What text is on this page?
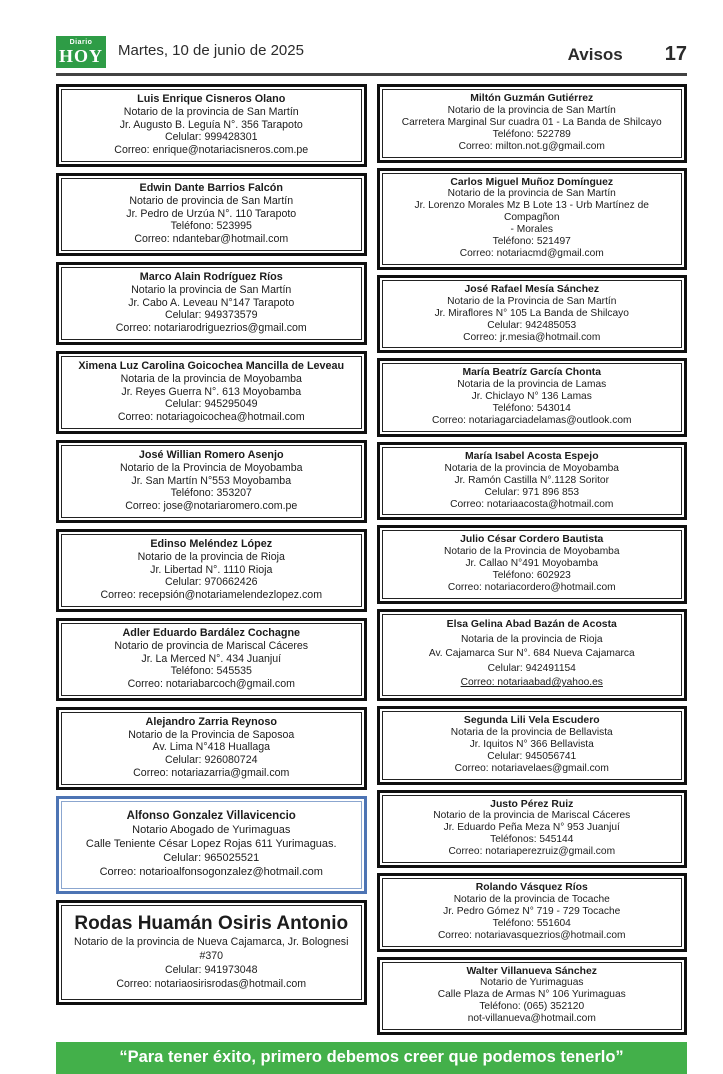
Diario
HOY Martes, 10 de junio de 2025	Avisos 17
Luis Enrique Cisneros Olano
Notario de la provincia de San Martín
Jr. Augusto B. Leguía N°. 356 Tarapoto
Celular: 999428301
Correo: enrique@notariacisneros.com.pe
Edwin Dante Barrios Falcón
Notario de provincia de San Martín
Jr. Pedro de Urzúa N°. 110 Tarapoto
Teléfono: 523995
Correo: ndantebar@hotmail.com
Marco Alain Rodríguez Ríos
Notario la provincia de San Martín
Jr. Cabo A. Leveau N°147 Tarapoto
Celular: 949373579
Correo: notariarodriguezrios@gmail.com
Ximena Luz Carolina Goicochea Mancilla de Leveau
Notaria de la provincia de Moyobamba
Jr. Reyes Guerra N°. 613 Moyobamba
Celular: 945295049
Correo: notariagoicochea@hotmail.com
José Willian Romero Asenjo
Notario de la Provincia de Moyobamba
Jr. San Martín N°553 Moyobamba
Teléfono: 353207
Correo: jose@notariaromero.com.pe
Edinso Meléndez López
Notario de la provincia de Rioja
Jr. Libertad N°. 1110 Rioja
Celular: 970662426
Correo: recepsión@notariamelendezlopez.com
Adler Eduardo Bardález Cochagne
Notario de provincia de Mariscal Cáceres
Jr. La Merced N°. 434 Juanjuí
Teléfono: 545535
Correo: notariabarcoch@gmail.com
Alejandro Zarria Reynoso
Notario de la Provincia de Saposoa
Av. Lima N°418 Huallaga
Celular: 926080724
Correo: notariazarria@gmail.com
Alfonso Gonzalez Villavicencio
Notario Abogado de Yurimaguas
Calle Teniente César Lopez Rojas 611 Yurimaguas.
Celular: 965025521
Correo: notarioalfonsogonzalez@hotmail.com
Rodas Huamán Osiris Antonio
Notario de la provincia de Nueva Cajamarca, Jr. Bolognesi #370
Celular: 941973048
Correo: notariaosirisrodas@hotmail.com
Miltón Guzmán Gutiérrez
Notario de la provincia de San Martín
Carretera Marginal Sur cuadra 01 - La Banda de Shilcayo
Teléfono: 522789
Correo: milton.not.g@gmail.com
Carlos Miguel Muñoz Domínguez
Notario de la provincia de San Martín
Jr. Lorenzo Morales Mz B Lote 13 - Urb Martínez de Compagñon
- Morales
Teléfono: 521497
Correo: notariacmd@gmail.com
José Rafael Mesía Sánchez
Notario de la Provincia de San Martín
Jr. Miraflores N° 105 La Banda de Shilcayo
Celular: 942485053
Correo: jr.mesia@hotmail.com
María Beatríz García Chonta
Notaria de la provincia de Lamas
Jr. Chiclayo N° 136 Lamas
Teléfono: 543014
Correo: notariagarciadelamas@outlook.com
María Isabel Acosta Espejo
Notaria de la provincia de Moyobamba
Jr. Ramón Castilla N°.1128 Soritor
Celular: 971 896 853
Correo: notariaacosta@hotmail.com
Julio César Cordero Bautista
Notario de la Provincia de Moyobamba
Jr. Callao N°491 Moyobamba
Teléfono: 602923
Correo: notariacordero@hotmail.com
Elsa Gelina Abad Bazán de Acosta
Notaria de la provincia de Rioja
Av. Cajamarca Sur N°. 684 Nueva Cajamarca
Celular: 942491154
Correo: notariaabad@yahoo.es
Segunda Lili Vela Escudero
Notaria de la provincia de Bellavista
Jr. Iquitos N° 366 Bellavista
Celular: 945056741
Correo: notariavelaes@gmail.com
Justo Pérez Ruiz
Notario de la provincia de Mariscal Cáceres
Jr. Eduardo Peña Meza N° 953 Juanjuí
Teléfonos: 545144
Correo: notariaperezruiz@gmail.com
Rolando Vásquez Ríos
Notario de la provincia de Tocache
Jr. Pedro Gómez N° 719 - 729 Tocache
Teléfono: 551604
Correo: notariavasquezrios@hotmail.com
Walter Villanueva Sánchez
Notario de Yurimaguas
Calle Plaza de Armas N° 106 Yurimaguas
Teléfono: (065) 352120
not-villanueva@hotmail.com
“Para tener éxito, primero debemos creer que podemos tenerlo”
